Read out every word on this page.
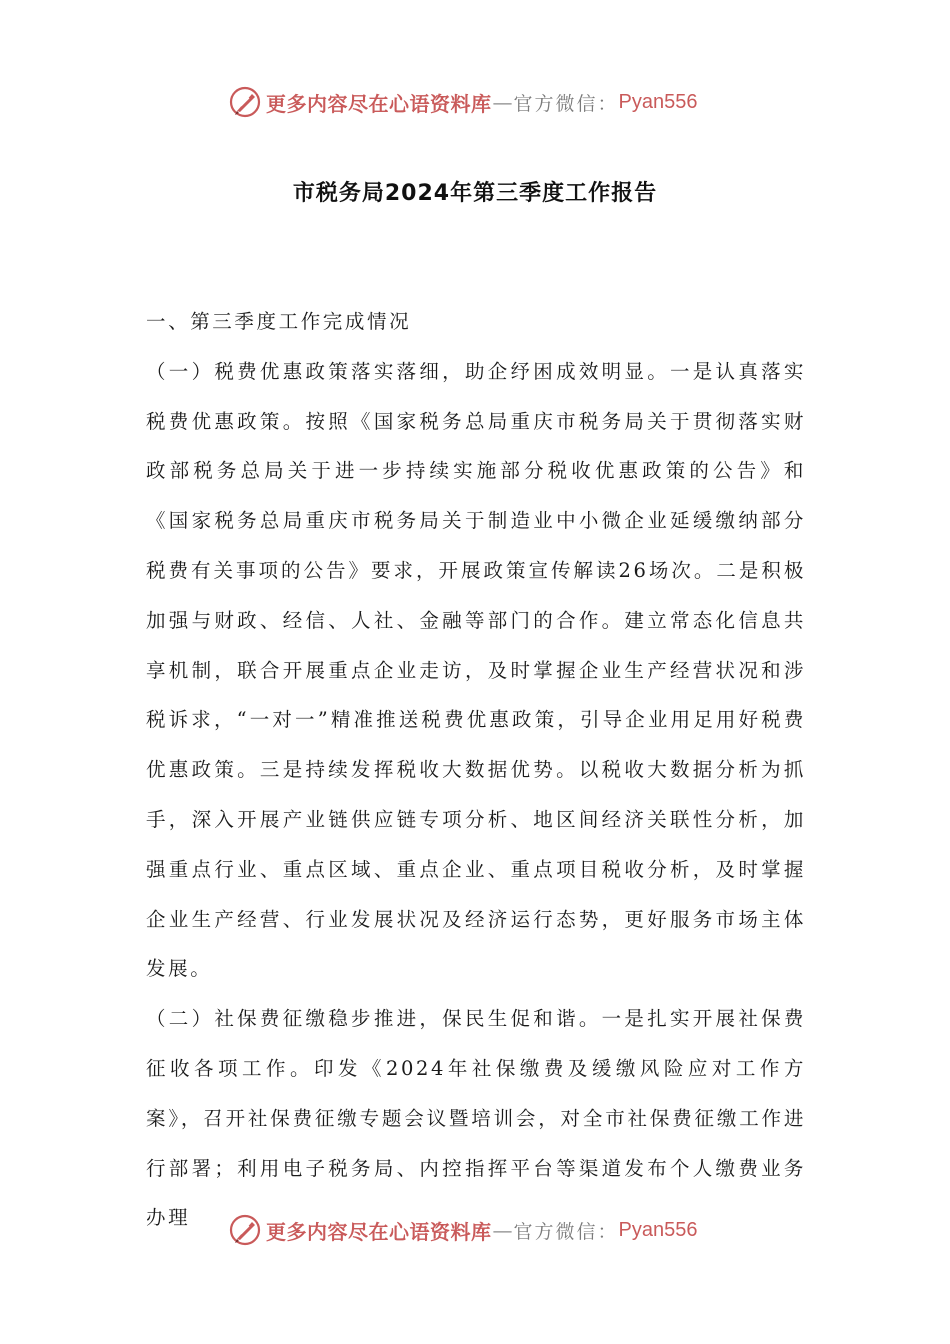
更多内容尽在心语资料库 — 官方微信： Pyan556
市税务局2024年第三季度工作报告

一、第三季度工作完成情况

（一）税费优惠政策落实落细，助企纾困成效明显。一是认真落实税费优惠政策。按照《国家税务总局重庆市税务局关于贯彻落实财政部税务总局关于进一步持续实施部分税收优惠政策的公告》和《国家税务总局重庆市税务局关于制造业中小微企业延缓缴纳部分税费有关事项的公告》要求，开展政策宣传解读26场次。二是积极加强与财政、经信、人社、金融等部门的合作。建立常态化信息共享机制，联合开展重点企业走访，及时掌握企业生产经营状况和涉税诉求，“一对一”精准推送税费优惠政策，引导企业用足用好税费优惠政策。三是持续发挥税收大数据优势。以税收大数据分析为抓手，深入开展产业链供应链专项分析、地区间经济关联性分析，加强重点行业、重点区域、重点企业、重点项目税收分析，及时掌握企业生产经营、行业发展状况及经济运行态势，更好服务市场主体发展。

（二）社保费征缴稳步推进，保民生促和谐。一是扎实开展社保费征收各项工作。印发《2024年社保缴费及缓缴风险应对工作方案》，召开社保费征缴专题会议暨培训会，对全市社保费征缴工作进行部署；利用电子税务局、内控指挥平台等渠道发布个人缴费业务办理

更多内容尽在心语资料库 — 官方微信： Pyan556
